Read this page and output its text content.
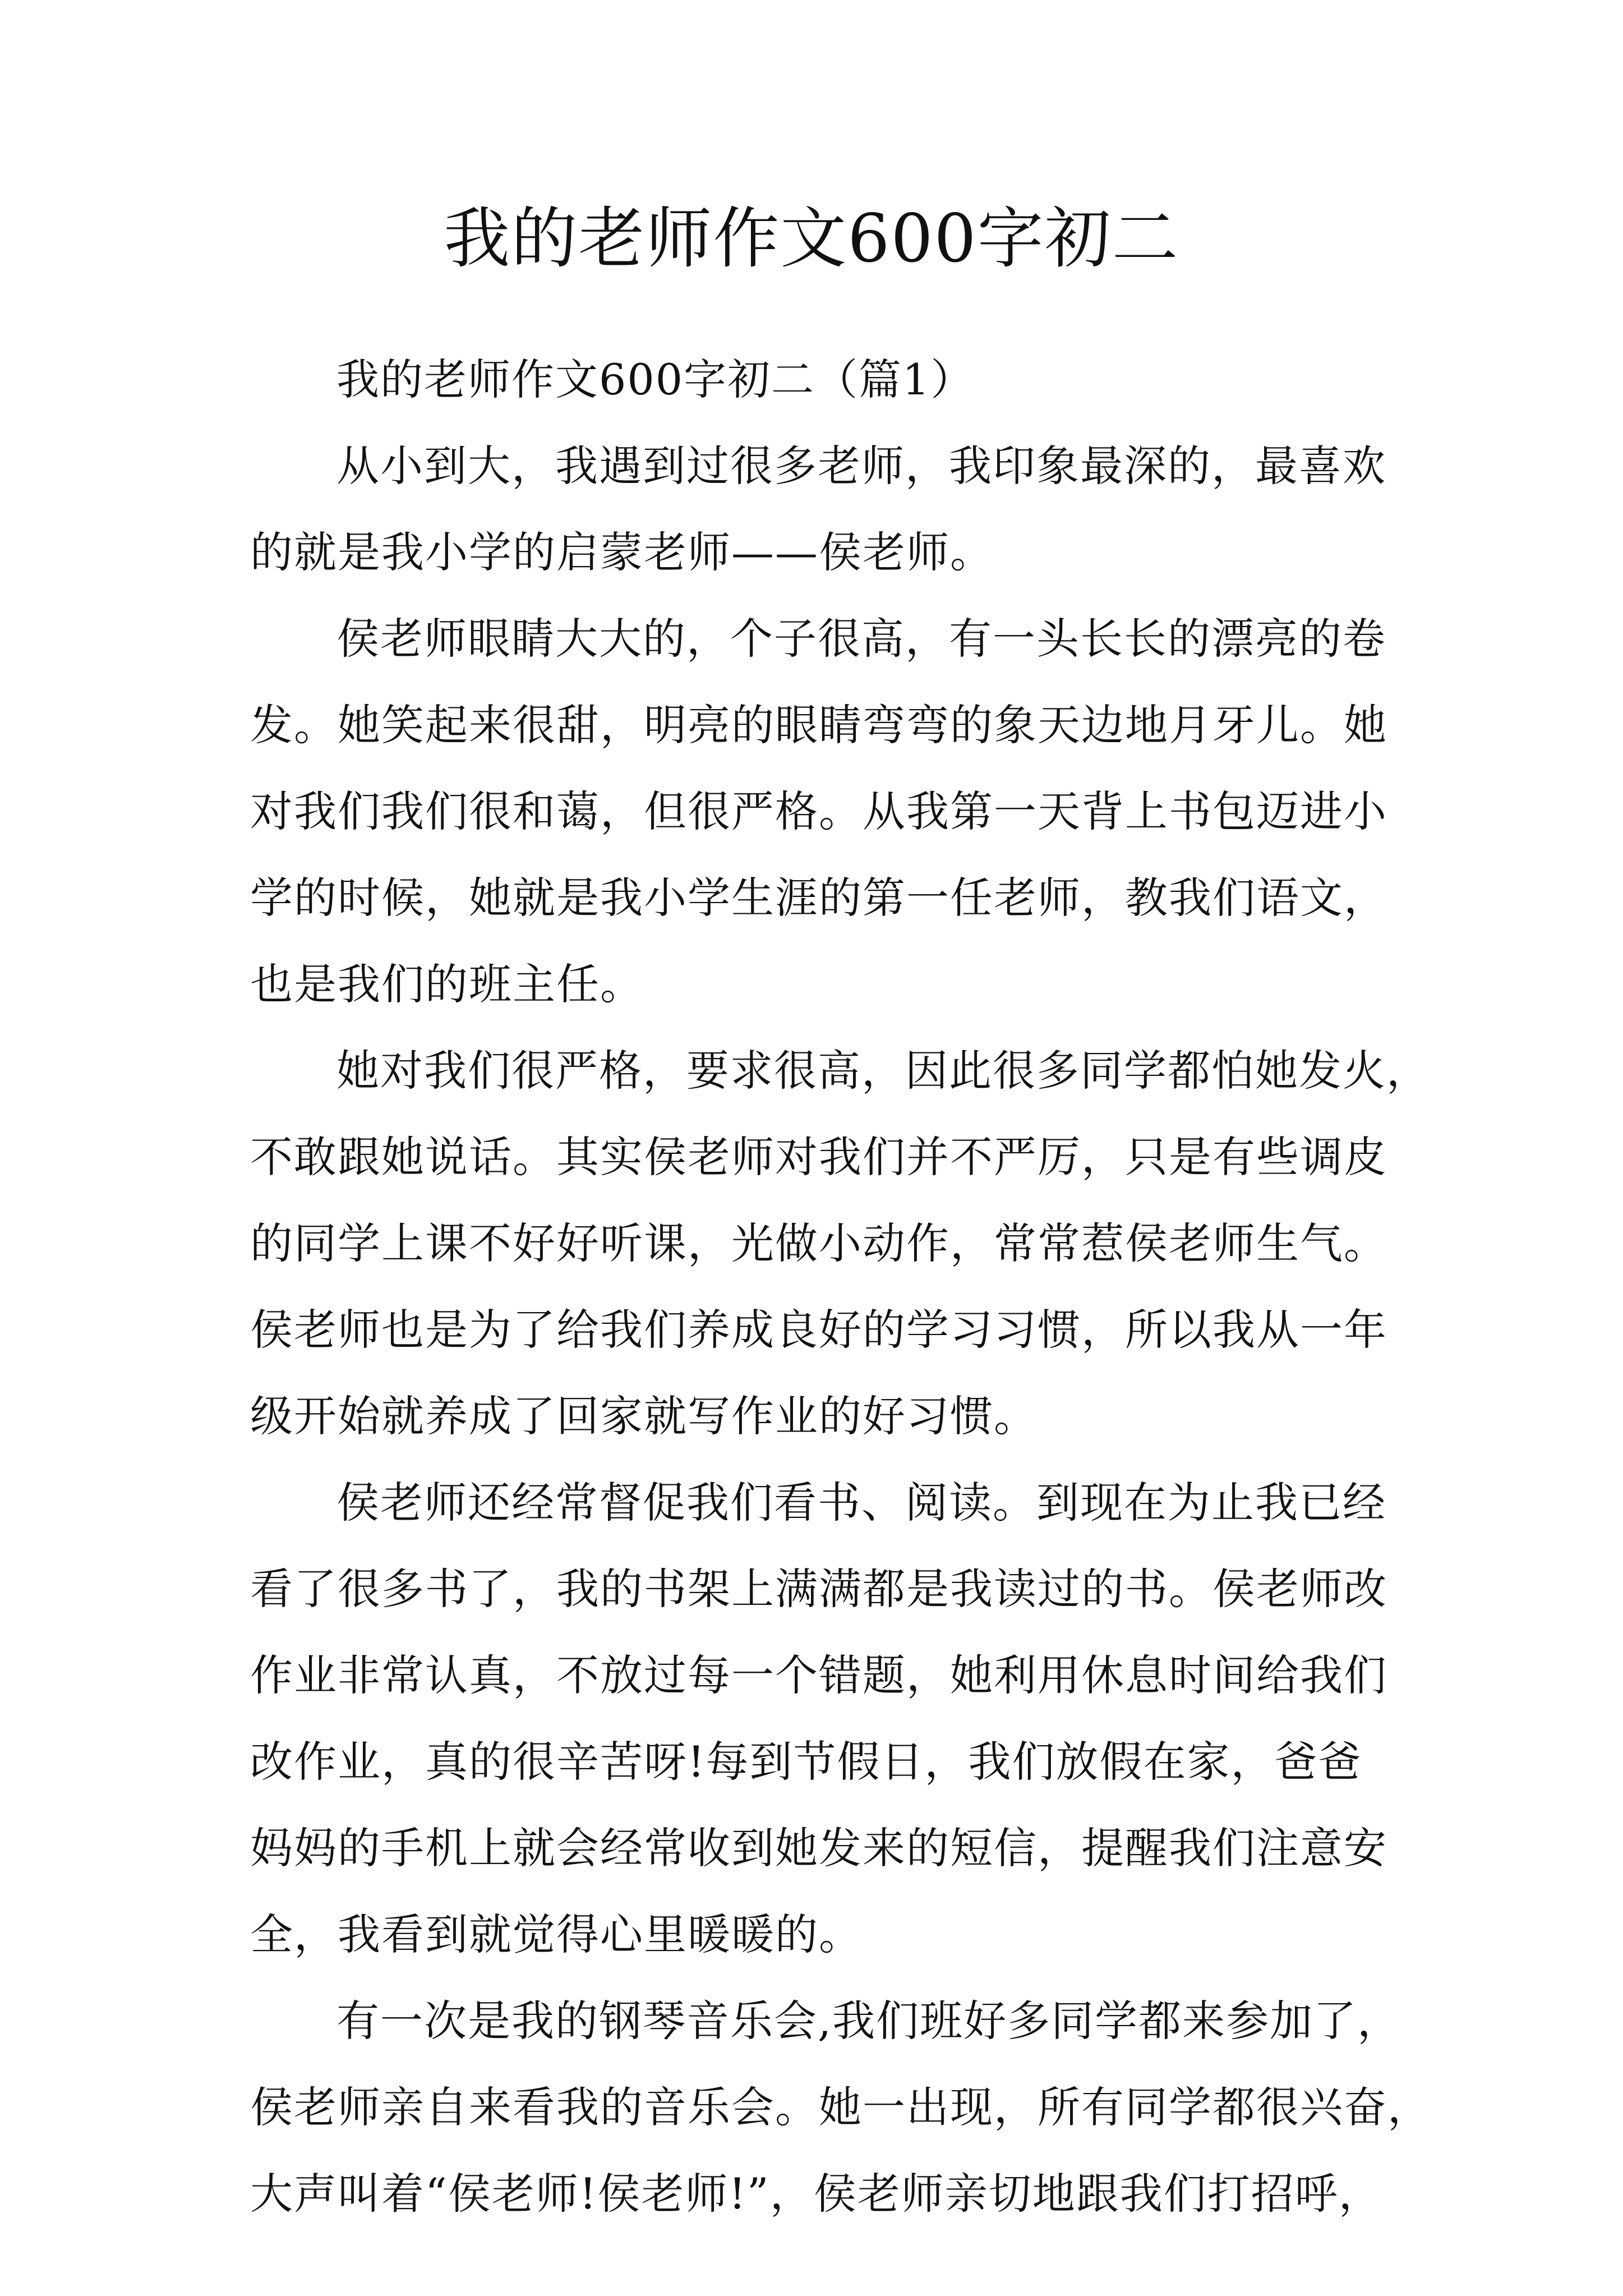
我的老师作文600字初二
我的老师作文600字初二（篇1）
从小到大，我遇到过很多老师，我印象最深的，最喜欢
的就是我小学的启蒙老师——侯老师。
侯老师眼睛大大的，个子很高，有一头长长的漂亮的卷
发。她笑起来很甜，明亮的眼睛弯弯的象天边地月牙儿。她
对我们我们很和蔼，但很严格。从我第一天背上书包迈进小
学的时候，她就是我小学生涯的第一任老师，教我们语文，
也是我们的班主任。
她对我们很严格，要求很高，因此很多同学都怕她发火，
不敢跟她说话。其实侯老师对我们并不严厉，只是有些调皮
的同学上课不好好听课，光做小动作，常常惹侯老师生气。
侯老师也是为了给我们养成良好的学习习惯，所以我从一年
级开始就养成了回家就写作业的好习惯。
侯老师还经常督促我们看书、阅读。到现在为止我已经
看了很多书了，我的书架上满满都是我读过的书。侯老师改
作业非常认真，不放过每一个错题，她利用休息时间给我们
改作业，真的很辛苦呀!每到节假日，我们放假在家，爸爸
妈妈的手机上就会经常收到她发来的短信，提醒我们注意安
全，我看到就觉得心里暖暖的。
有一次是我的钢琴音乐会,我们班好多同学都来参加了，
侯老师亲自来看我的音乐会。她一出现，所有同学都很兴奋，
大声叫着“侯老师!侯老师!”，侯老师亲切地跟我们打招呼，
